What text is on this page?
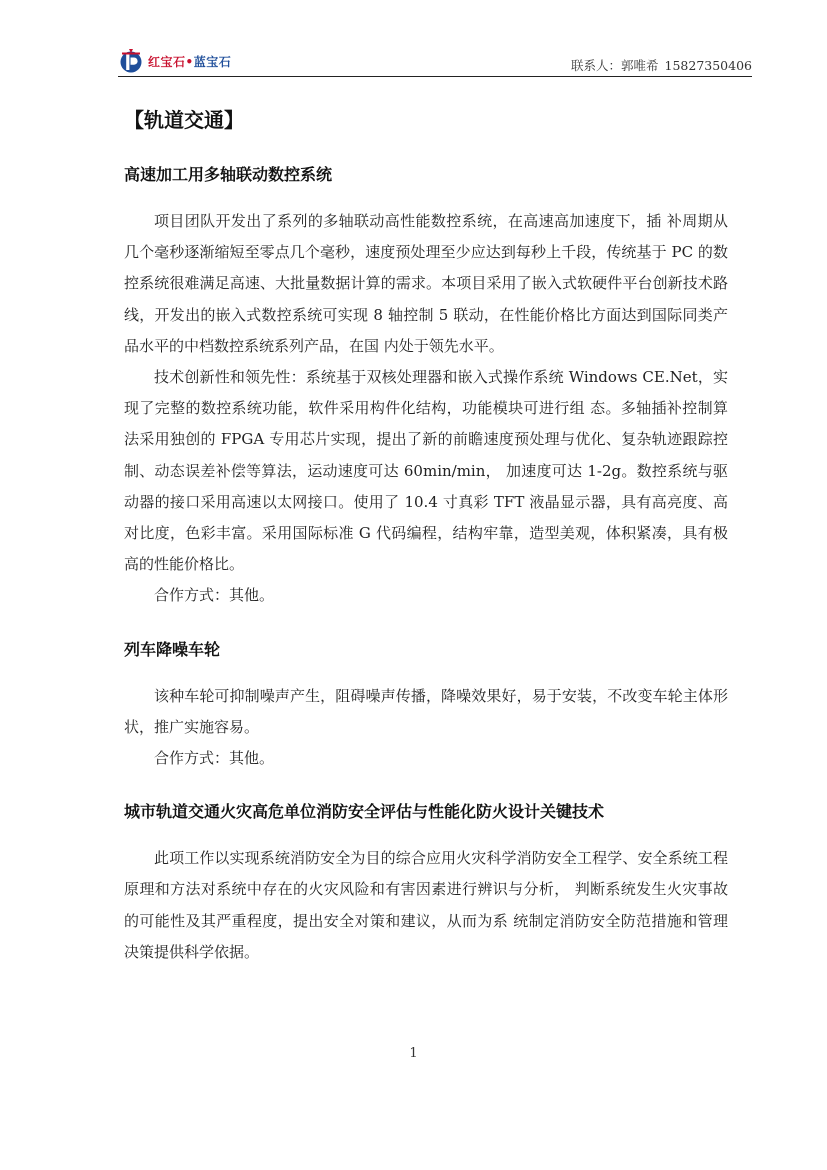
红宝石•蓝宝石	联系人：郭唯希 15827350406
【轨道交通】
高速加工用多轴联动数控系统

项目团队开发出了系列的多轴联动高性能数控系统，在高速高加速度下，插 补周期从几个毫秒逐渐缩短至零点几个毫秒，速度预处理至少应达到每秒上千段，传统基于 PC 的数控系统很难满足高速、大批量数据计算的需求。本项目采用了嵌入式软硬件平台创新技术路线，开发出的嵌入式数控系统可实现 8 轴控制 5 联动，在性能价格比方面达到国际同类产品水平的中档数控系统系列产品，在国 内处于领先水平。

技术创新性和领先性：系统基于双核处理器和嵌入式操作系统 Windows CE.Net，实现了完整的数控系统功能，软件采用构件化结构，功能模块可进行组 态。多轴插补控制算法采用独创的 FPGA 专用芯片实现，提出了新的前瞻速度预处理与优化、复杂轨迹跟踪控制、动态误差补偿等算法，运动速度可达 60min/min， 加速度可达 1-2g。数控系统与驱动器的接口采用高速以太网接口。使用了 10.4 寸真彩 TFT 液晶显示器，具有高亮度、高对比度，色彩丰富。采用国际标准 G 代码编程，结构牢靠，造型美观，体积紧凑，具有极高的性能价格比。

合作方式：其他。

列车降噪车轮

该种车轮可抑制噪声产生，阻碍噪声传播，降噪效果好，易于安装，不改变车轮主体形状，推广实施容易。

合作方式：其他。

城市轨道交通火灾高危单位消防安全评估与性能化防火设计关键技术

此项工作以实现系统消防安全为目的综合应用火灾科学消防安全工程学、安全系统工程原理和方法对系统中存在的火灾风险和有害因素进行辨识与分析， 判断系统发生火灾事故的可能性及其严重程度，提出安全对策和建议，从而为系 统制定消防安全防范措施和管理决策提供科学依据。

1
